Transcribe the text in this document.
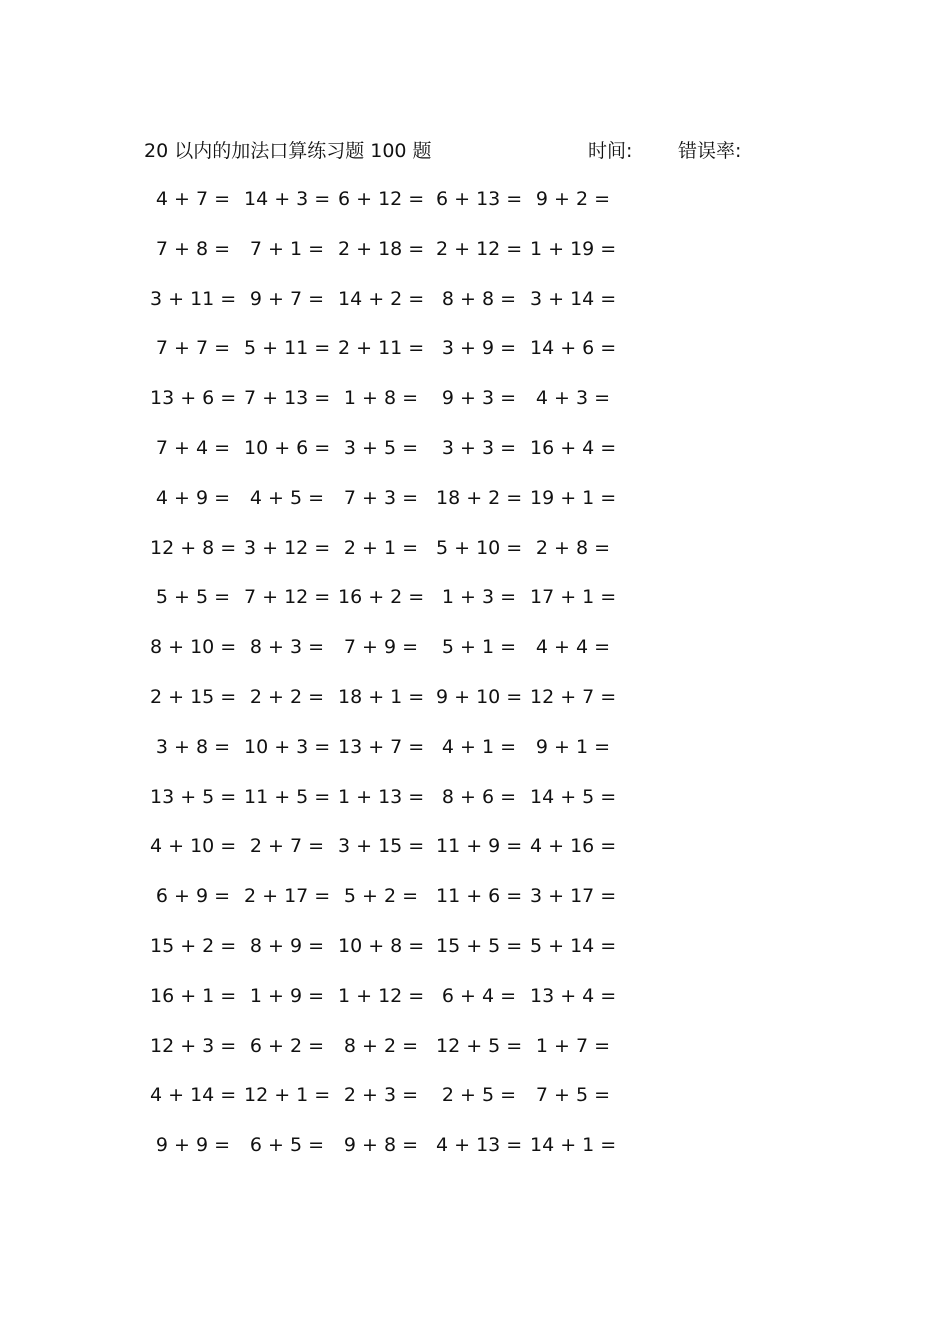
20 以内的加法口算练习题 100 题	时间: 错误率:
4 + 7 = 14 + 3 = 6 + 12 = 6 + 13 = 9 + 2 =
7 + 8 =	7 + 1 = 2 + 18 = 2 + 12 = 1 + 19 =
3 + 11 = 9 + 7 = 14 + 2 = 8 + 8 = 3 + 14 =
7 + 7 = 5 + 11 = 2 + 11 = 3 + 9 = 14 + 6 =
13 + 6 = 7 + 13 = 1 + 8 =	9 + 3 =	4 + 3 =
7 + 4 = 10 + 6 = 3 + 5 =	3 + 3 = 16 + 4 =
4 + 9 =	4 + 5 =	7 + 3 = 18 + 2 = 19 + 1 =
12 + 8 = 3 + 12 = 2 + 1 = 5 + 10 = 2 + 8 =
5 + 5 = 7 + 12 = 16 + 2 = 1 + 3 = 17 + 1 =
8 + 10 = 8 + 3 =	7 + 9 =	5 + 1 =	4 + 4 =
2 + 15 = 2 + 2 = 18 + 1 = 9 + 10 = 12 + 7 =
3 + 8 = 10 + 3 = 13 + 7 = 4 + 1 =	9 + 1 =
13 + 5 = 11 + 5 = 1 + 13 = 8 + 6 = 14 + 5 =
4 + 10 = 2 + 7 = 3 + 15 = 11 + 9 = 4 + 16 =
6 + 9 = 2 + 17 = 5 + 2 = 11 + 6 = 3 + 17 =
15 + 2 = 8 + 9 = 10 + 8 = 15 + 5 = 5 + 14 =
16 + 1 = 1 + 9 = 1 + 12 = 6 + 4 = 13 + 4 =
12 + 3 = 6 + 2 =	8 + 2 = 12 + 5 = 1 + 7 =
4 + 14 = 12 + 1 = 2 + 3 =	2 + 5 =	7 + 5 =
9 + 9 =	6 + 5 =	9 + 8 = 4 + 13 = 14 + 1 =
